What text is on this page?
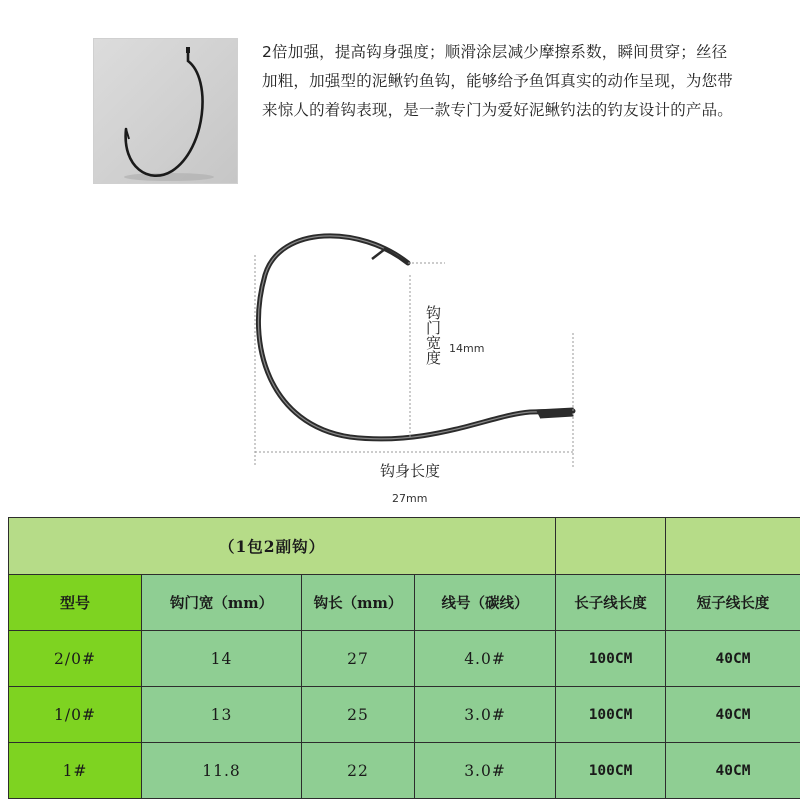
2倍加强，提高钩身强度；顺滑涂层减少摩擦系数，瞬间贯穿；丝径加粗，加强型的泥鳅钓鱼钩，能够给予鱼饵真实的动作呈现，为您带来惊人的着钩表现，是一款专门为爱好泥鳅钓法的钓友设计的产品。
钩门宽度 14mm
钩身长度
27mm
（1包2副钩）					
型号	钩门宽（mm）	钩长（mm）	线号（碳线）	长子线长度	短子线长度
2/0#	14	27	4.0#	100CM	40CM
1/0#	13	25	3.0#	100CM	40CM
1#	11.8	22	3.0#	100CM	40CM
